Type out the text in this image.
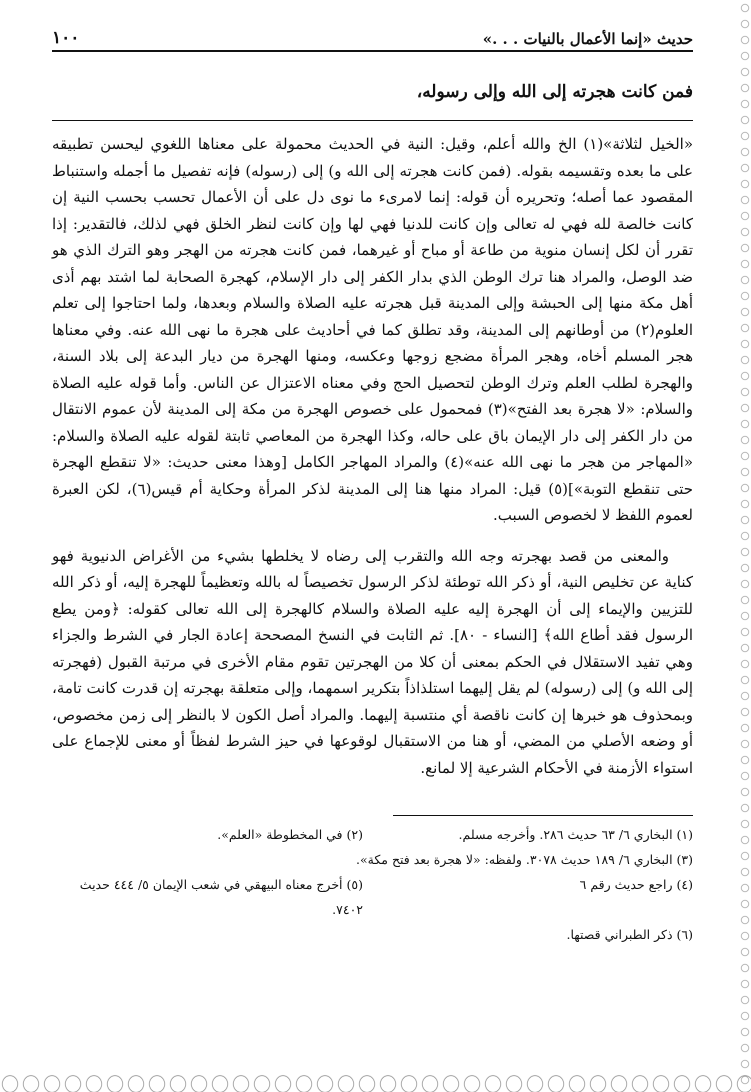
حديث «إنما الأعمال بالنيات . . .»
١٠٠
فمن كانت هجرته إلى الله وإلى رسوله،

«الخيل لثلاثة»(١) الخ والله أعلم، وقيل: النية في الحديث محمولة على معناها اللغوي ليحسن تطبيقه على ما بعده وتقسيمه بقوله. (فمن كانت هجرته إلى الله و) إلى (رسوله) فإنه تفصيل ما أجمله واستنباط المقصود عما أصله؛ وتحريره أن قوله: إنما لامرىء ما نوى دل على أن الأعمال تحسب بحسب النية إن كانت خالصة لله فهي له تعالى وإن كانت للدنيا فهي لها وإن كانت لنظر الخلق فهي لذلك، فالتقدير: إذا تقرر أن لكل إنسان منوية من طاعة أو مباح أو غيرهما، فمن كانت هجرته من الهجر وهو الترك الذي هو ضد الوصل، والمراد هنا ترك الوطن الذي بدار الكفر إلى دار الإسلام، كهجرة الصحابة لما اشتد بهم أذى أهل مكة منها إلى الحبشة وإلى المدينة قبل هجرته عليه الصلاة والسلام وبعدها، ولما احتاجوا إلى تعلم العلوم(٢) من أوطانهم إلى المدينة، وقد تطلق كما في أحاديث على هجرة ما نهى الله عنه. وفي معناها هجر المسلم أخاه، وهجر المرأة مضجع زوجها وعكسه، ومنها الهجرة من ديار البدعة إلى بلاد السنة، والهجرة لطلب العلم وترك الوطن لتحصيل الحج وفي معناه الاعتزال عن الناس. وأما قوله عليه الصلاة والسلام: «لا هجرة بعد الفتح»(٣) فمحمول على خصوص الهجرة من مكة إلى المدينة لأن عموم الانتقال من دار الكفر إلى دار الإيمان باق على حاله، وكذا الهجرة من المعاصي ثابتة لقوله عليه الصلاة والسلام: «المهاجر من هجر ما نهى الله عنه»(٤) والمراد المهاجر الكامل [وهذا معنى حديث: «لا تنقطع الهجرة حتى تنقطع التوبة»](٥) قيل: المراد منها هنا إلى المدينة لذكر المرأة وحكاية أم قيس(٦)، لكن العبرة لعموم اللفظ لا لخصوص السبب.

والمعنى من قصد بهجرته وجه الله والتقرب إلى رضاه لا يخلطها بشيء من الأغراض الدنيوية فهو كناية عن تخليص النية، أو ذكر الله توطئة لذكر الرسول تخصيصاً له بالله وتعظيماً للهجرة إليه، أو ذكر الله للتزيين والإيماء إلى أن الهجرة إليه عليه الصلاة والسلام كالهجرة إلى الله تعالى كقوله: ﴿ومن يطع الرسول فقد أطاع الله﴾ [النساء - ٨٠]. ثم الثابت في النسخ المصححة إعادة الجار في الشرط والجزاء وهي تفيد الاستقلال في الحكم بمعنى أن كلا من الهجرتين تقوم مقام الأخرى في مرتبة القبول (فهجرته إلى الله و) إلى (رسوله) لم يقل إليهما استلذاذاً بتكرير اسمهما، وإلى متعلقة بهجرته إن قدرت كانت تامة، وبمحذوف هو خبرها إن كانت ناقصة أي منتسبة إليهما. والمراد أصل الكون لا بالنظر إلى زمن مخصوص، أو وضعه الأصلي من المضي، أو هنا من الاستقبال لوقوعها في حيز الشرط لفظاً أو معنى للإجماع على استواء الأزمنة في الأحكام الشرعية إلا لمانع.

(١) البخاري ٦/ ٦٣ حديث ٢٨٦. وأخرجه مسلم.
(٢) في المخطوطة «العلم».
(٣) البخاري ٦/ ١٨٩ حديث ٣٠٧٨. ولفظه: «لا هجرة بعد فتح مكة».
(٤) راجع حديث رقم ٦
(٥) أخرج معناه البيهقي في شعب الإيمان ٥/ ٤٤٤ حديث ٧٤٠٢.
(٦) ذكر الطبراني قصتها.
